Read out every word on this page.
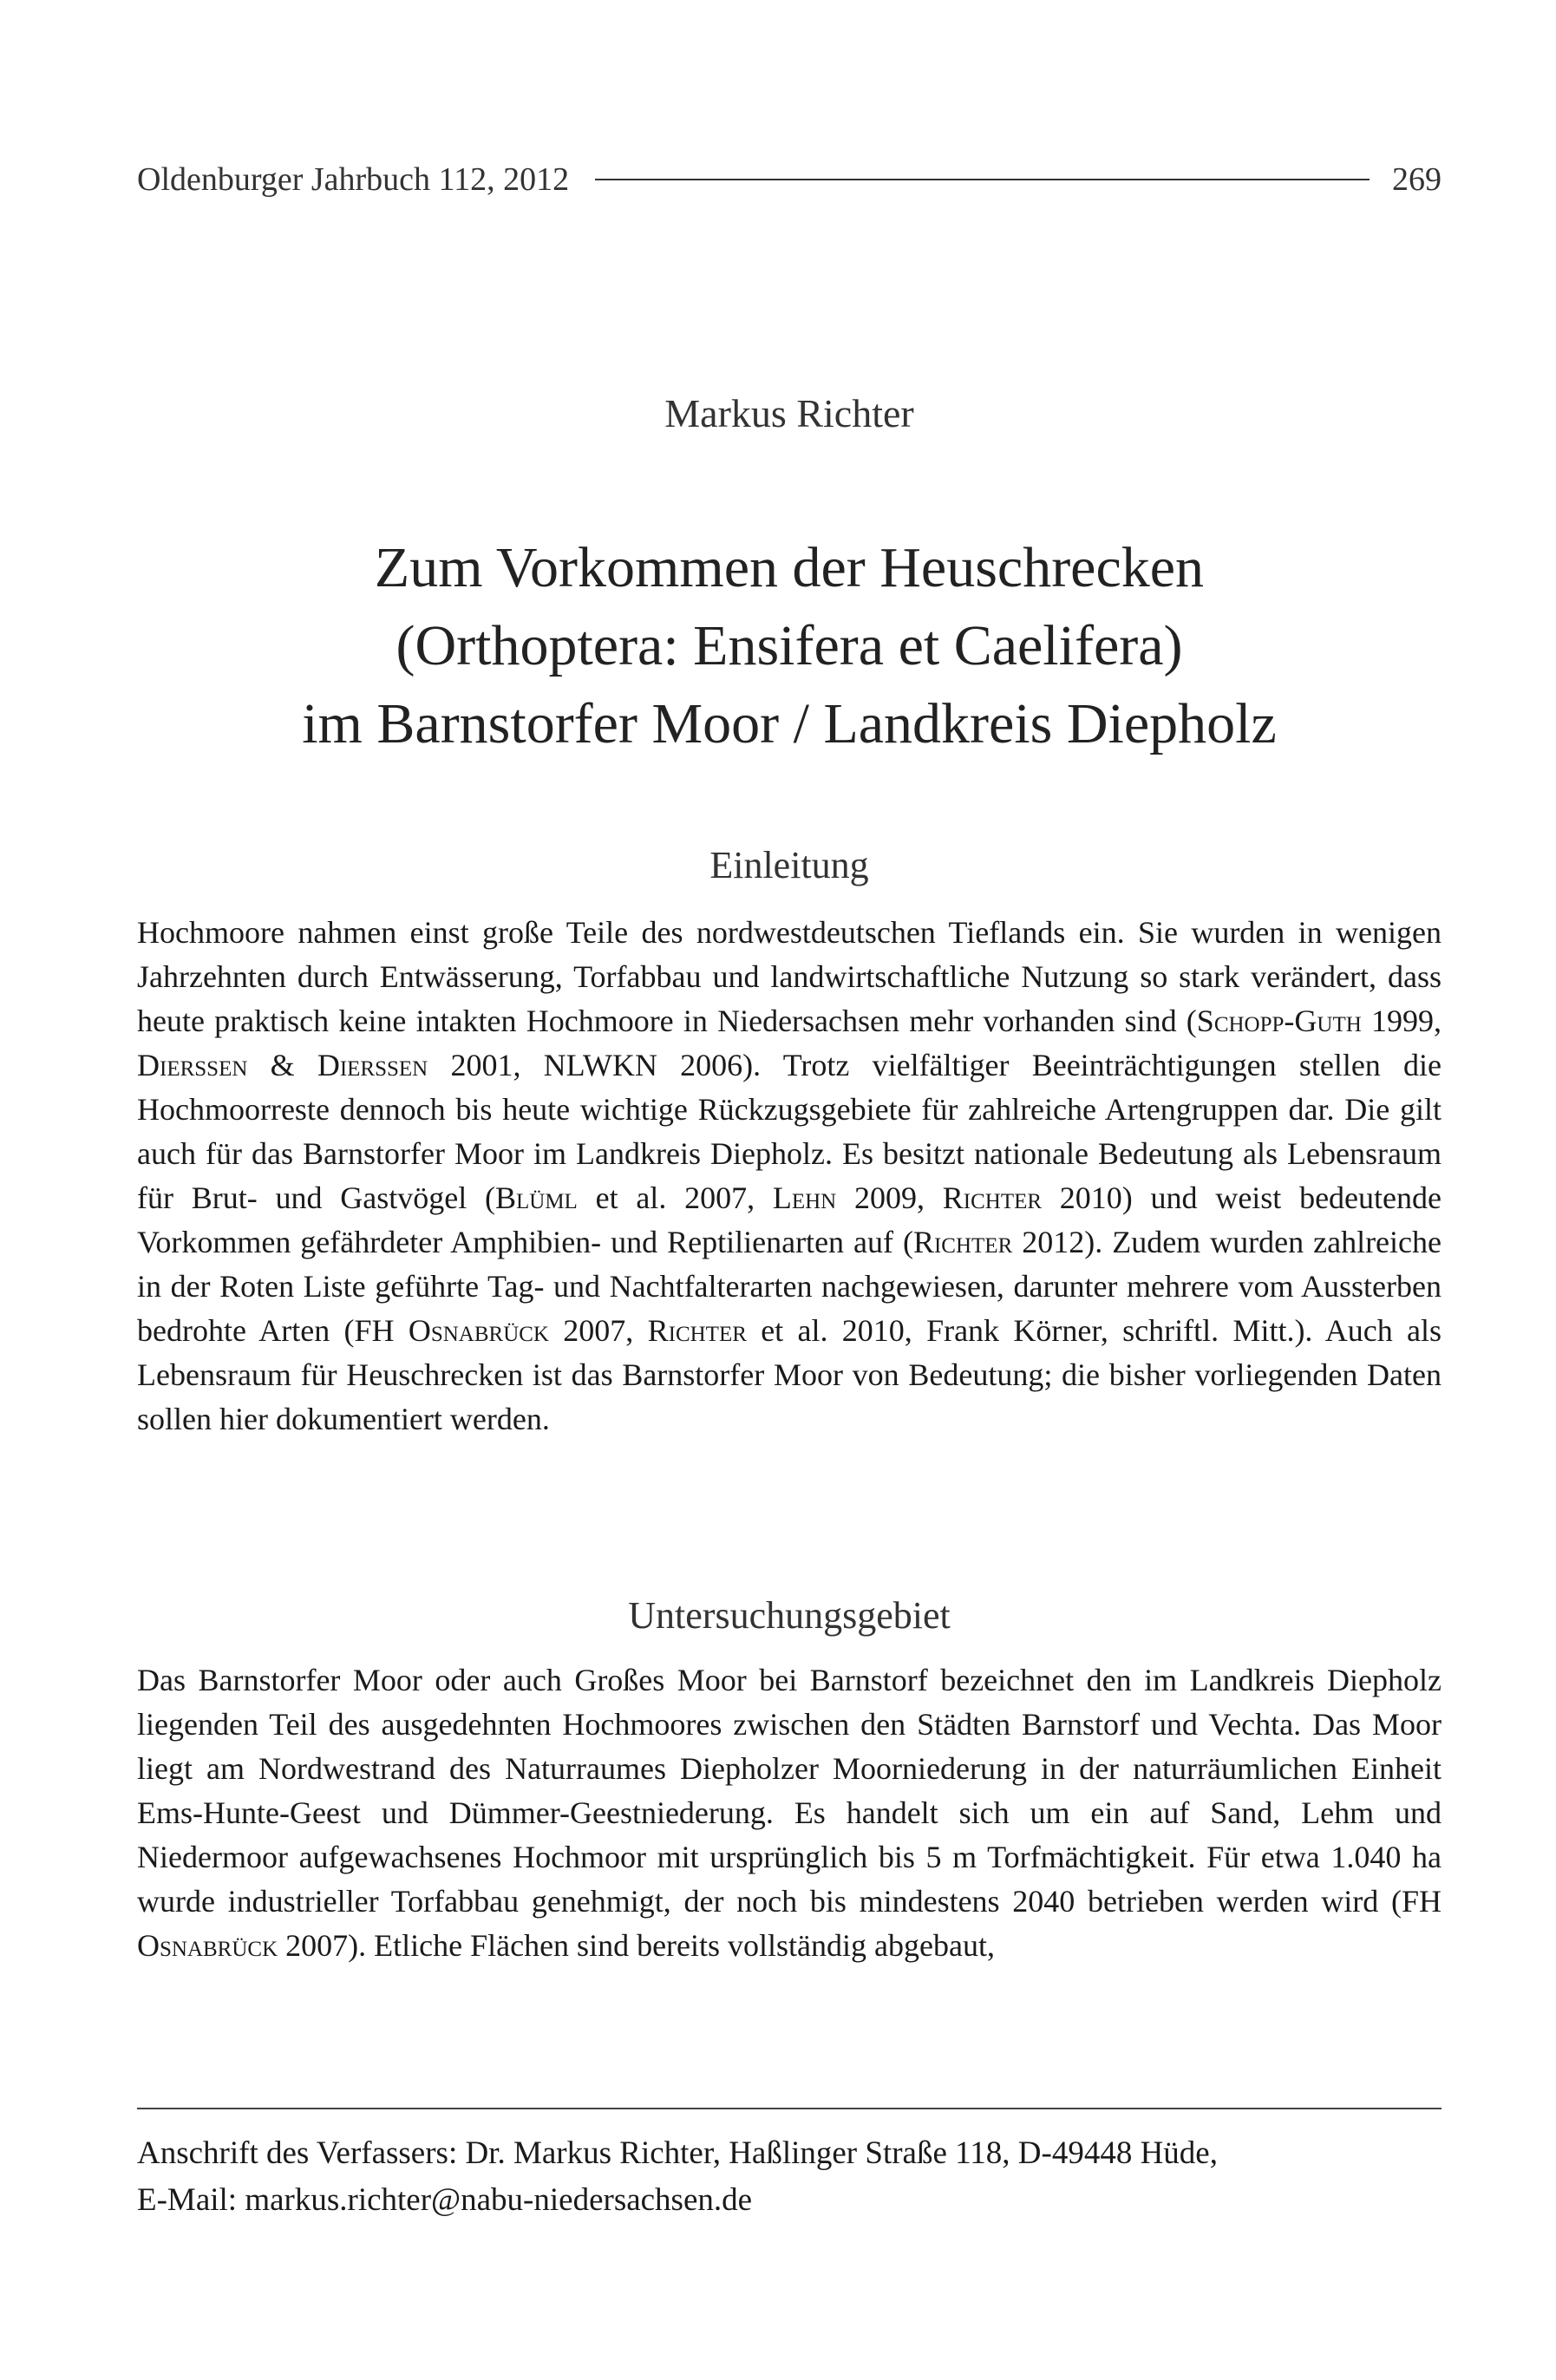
Oldenburger Jahrbuch 112, 2012	269
Markus Richter
Zum Vorkommen der Heuschrecken
(Orthoptera: Ensifera et Caelifera)
im Barnstorfer Moor / Landkreis Diepholz
Einleitung
Hochmoore nahmen einst große Teile des nordwestdeutschen Tieflands ein. Sie wurden in wenigen Jahrzehnten durch Entwässerung, Torfabbau und landwirtschaftliche Nutzung so stark verändert, dass heute praktisch keine intakten Hochmoore in Niedersachsen mehr vorhanden sind (Schopp-Guth 1999, Dierssen & Dierssen 2001, NLWKN 2006). Trotz vielfältiger Beeinträchtigungen stellen die Hochmoorreste dennoch bis heute wichtige Rückzugsgebiete für zahlreiche Artengruppen dar. Die gilt auch für das Barnstorfer Moor im Landkreis Diepholz. Es besitzt nationale Bedeutung als Lebensraum für Brut- und Gastvögel (Blüml et al. 2007, Lehn 2009, Richter 2010) und weist bedeutende Vorkommen gefährdeter Amphibien- und Reptilienarten auf (Richter 2012). Zudem wurden zahlreiche in der Roten Liste geführte Tag- und Nachtfalterarten nachgewiesen, darunter mehrere vom Aussterben bedrohte Arten (FH Osnabrück 2007, Richter et al. 2010, Frank Körner, schriftl. Mitt.). Auch als Lebensraum für Heuschrecken ist das Barnstorfer Moor von Bedeutung; die bisher vorliegenden Daten sollen hier dokumentiert werden.
Untersuchungsgebiet
Das Barnstorfer Moor oder auch Großes Moor bei Barnstorf bezeichnet den im Landkreis Diepholz liegenden Teil des ausgedehnten Hochmoores zwischen den Städten Barnstorf und Vechta. Das Moor liegt am Nordwestrand des Naturraumes Diepholzer Moorniederung in der naturräumlichen Einheit Ems-Hunte-Geest und Dümmer-Geestniederung. Es handelt sich um ein auf Sand, Lehm und Niedermoor aufgewachsenes Hochmoor mit ursprünglich bis 5 m Torfmächtigkeit. Für etwa 1.040 ha wurde industrieller Torfabbau genehmigt, der noch bis mindestens 2040 betrieben werden wird (FH Osnabrück 2007). Etliche Flächen sind bereits vollständig abgebaut,
Anschrift des Verfassers: Dr. Markus Richter, Haßlinger Straße 118, D-49448 Hüde,
E-Mail: markus.richter@nabu-niedersachsen.de
